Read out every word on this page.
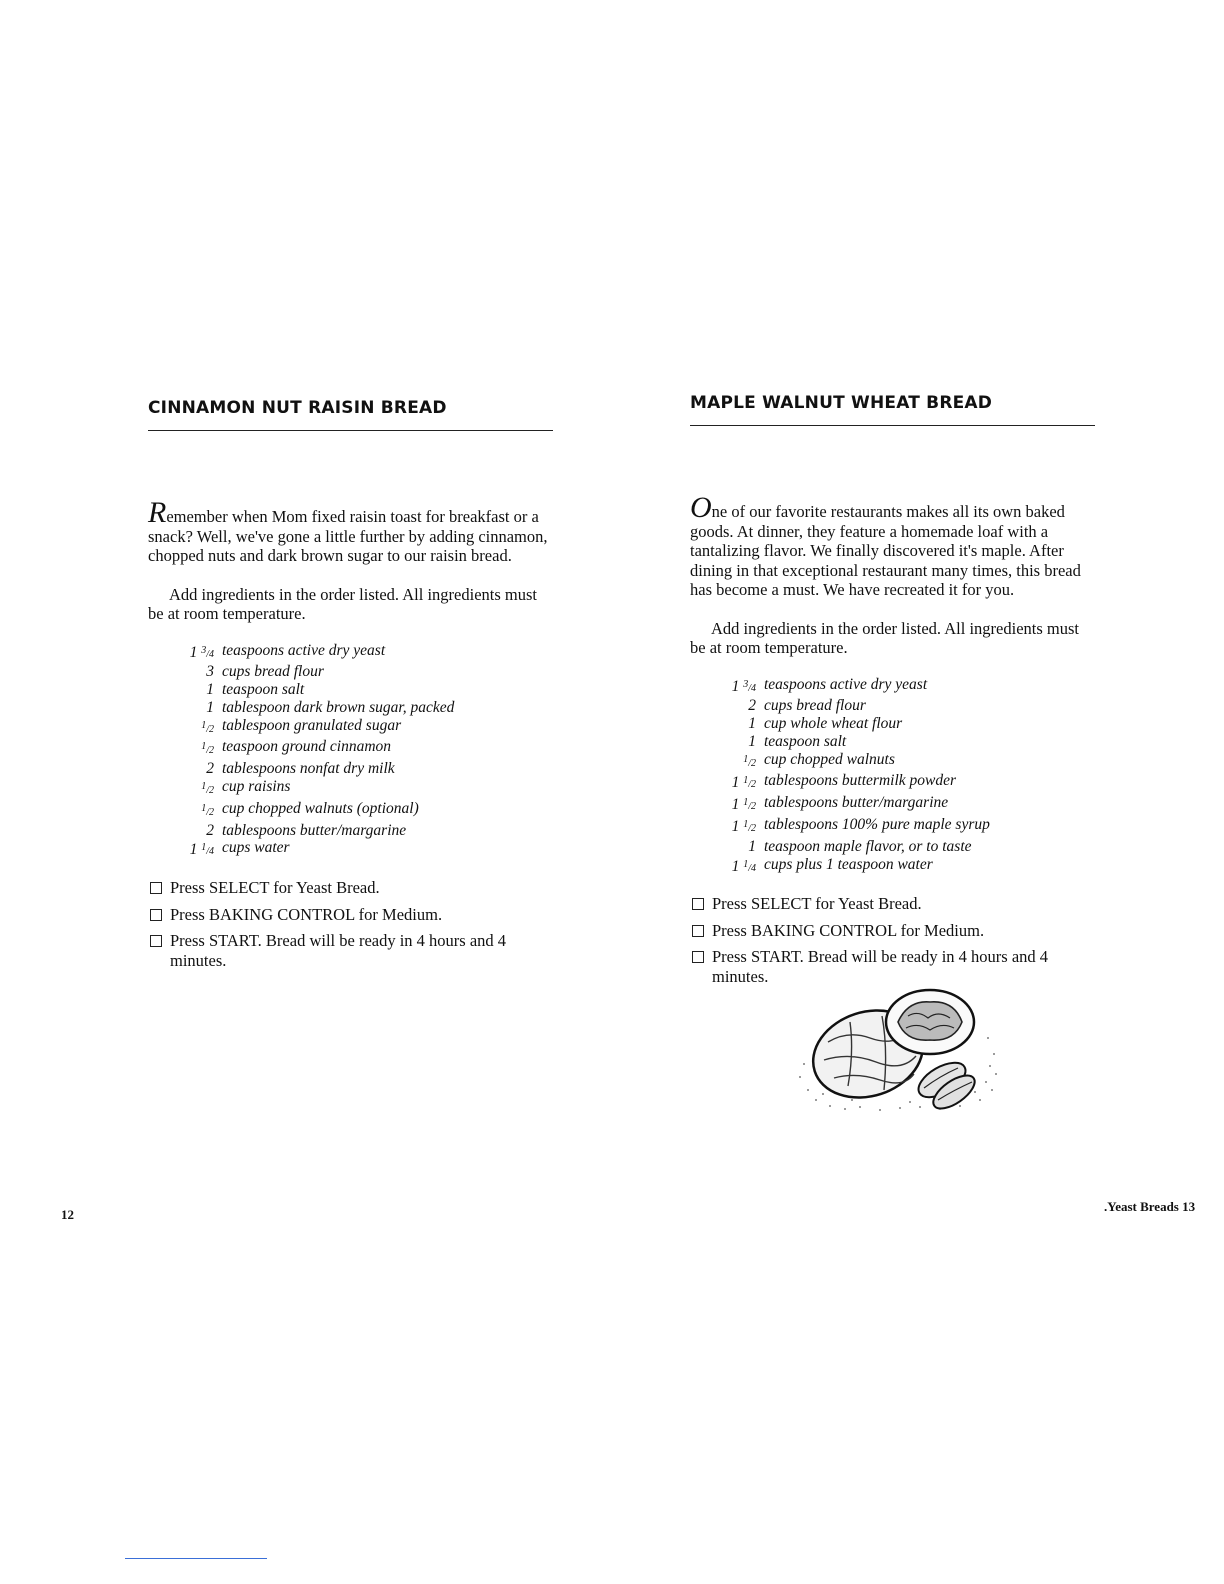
CINNAMON NUT RAISIN BREAD

Remember when Mom fixed raisin toast for breakfast or a snack? Well, we've gone a little further by adding cinnamon, chopped nuts and dark brown sugar to our raisin bread.

Add ingredients in the order listed. All ingredients must be at room temperature.

1 $^3$/4 teaspoons active dry yeast
3 cups bread flour
1 teaspoon salt
1 tablespoon dark brown sugar, packed
$^1$/2 tablespoon granulated sugar
$^1$/2 teaspoon ground cinnamon
2 tablespoons nonfat dry milk
$^1$/2 cup raisins
$^1$/2 cup chopped walnuts (optional)
2 tablespoons butter/margarine
1 $^1$/4 cups water
Press SELECT for Yeast Bread.
Press BAKING CONTROL for Medium.
Press START. Bread will be ready in 4 hours and 4 minutes.
MAPLE WALNUT WHEAT BREAD

One of our favorite restaurants makes all its own baked goods. At dinner, they feature a homemade loaf with a tantalizing flavor. We finally discovered it's maple. After dining in that exceptional restaurant many times, this bread has become a must. We have recreated it for you.

Add ingredients in the order listed. All ingredients must be at room temperature.

1 $^3$/4 teaspoons active dry yeast
2 cups bread flour
1 cup whole wheat flour
1 teaspoon salt
$^1$/2 cup chopped walnuts
1 $^1$/2 tablespoons buttermilk powder
1 $^1$/2 tablespoons butter/margarine
1 $^1$/2 tablespoons 100% pure maple syrup
1 teaspoon maple flavor, or to taste
1 $^1$/4 cups plus 1 teaspoon water
Press SELECT for Yeast Bread.
Press BAKING CONTROL for Medium.
Press START. Bread will be ready in 4 hours and 4 minutes.
12
.Yeast Breads 13
